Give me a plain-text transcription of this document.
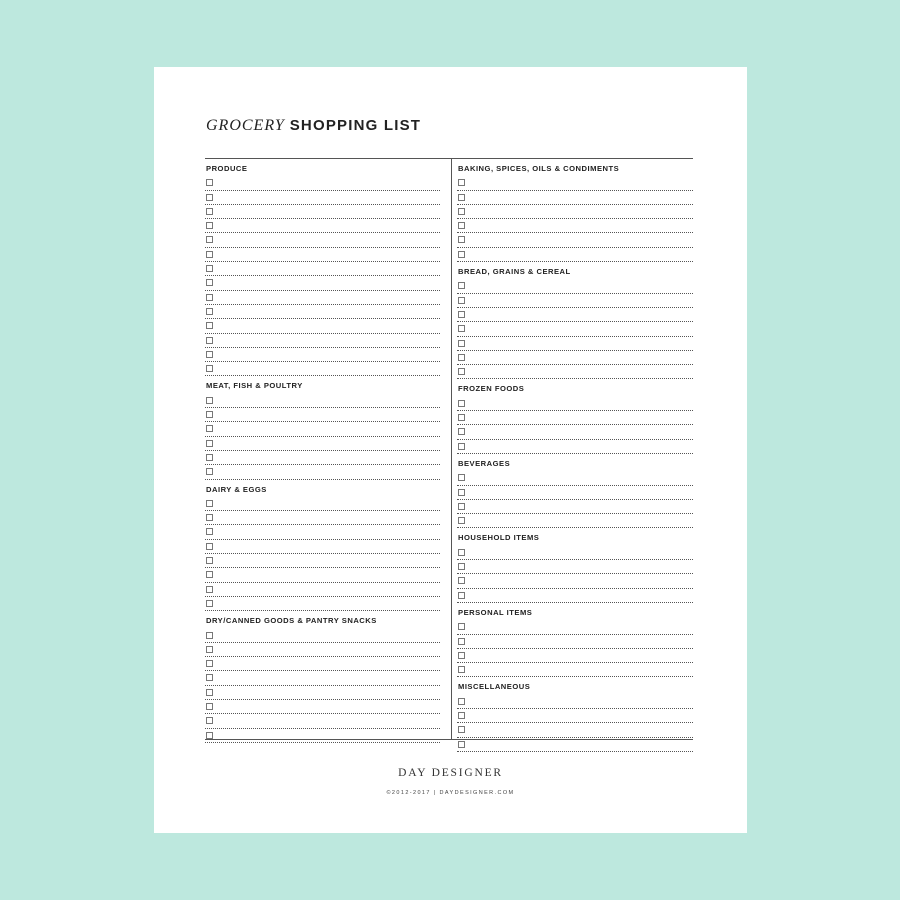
GROCERY SHOPPING LIST
PRODUCE
MEAT, FISH & POULTRY
DAIRY & EGGS
DRY/CANNED GOODS & PANTRY SNACKS
BAKING, SPICES, OILS & CONDIMENTS
BREAD, GRAINS & CEREAL
FROZEN FOODS
BEVERAGES
HOUSEHOLD ITEMS
PERSONAL ITEMS
MISCELLANEOUS
DAY DESIGNER
©2012-2017 | DAYDESIGNER.COM
